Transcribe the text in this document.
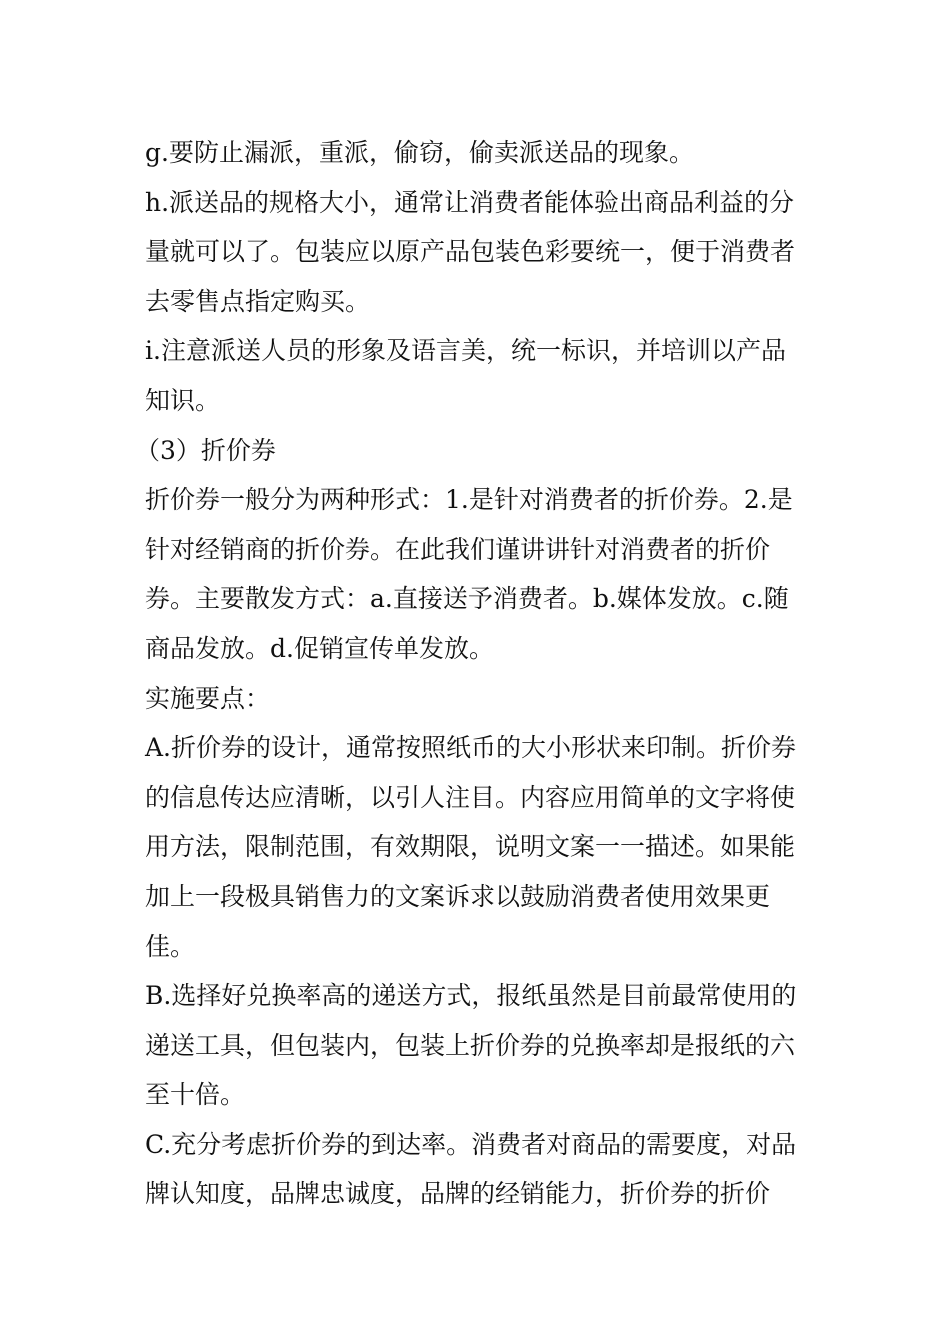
g.要防止漏派，重派，偷窃，偷卖派送品的现象。

h.派送品的规格大小，通常让消费者能体验出商品利益的分量就可以了。包装应以原产品包装色彩要统一，便于消费者去零售点指定购买。

i.注意派送人员的形象及语言美，统一标识，并培训以产品知识。

（3）折价券

折价券一般分为两种形式：1.是针对消费者的折价券。2.是针对经销商的折价券。在此我们谨讲讲针对消费者的折价券。主要散发方式：a.直接送予消费者。b.媒体发放。c.随商品发放。d.促销宣传单发放。

实施要点：

A.折价券的设计，通常按照纸币的大小形状来印制。折价券的信息传达应清晰，以引人注目。内容应用简单的文字将使用方法，限制范围，有效期限，说明文案一一描述。如果能加上一段极具销售力的文案诉求以鼓励消费者使用效果更佳。

B.选择好兑换率高的递送方式，报纸虽然是目前最常使用的递送工具，但包装内，包装上折价券的兑换率却是报纸的六至十倍。

C.充分考虑折价券的到达率。消费者对商品的需要度，对品牌认知度，品牌忠诚度，品牌的经销能力，折价券的折价
